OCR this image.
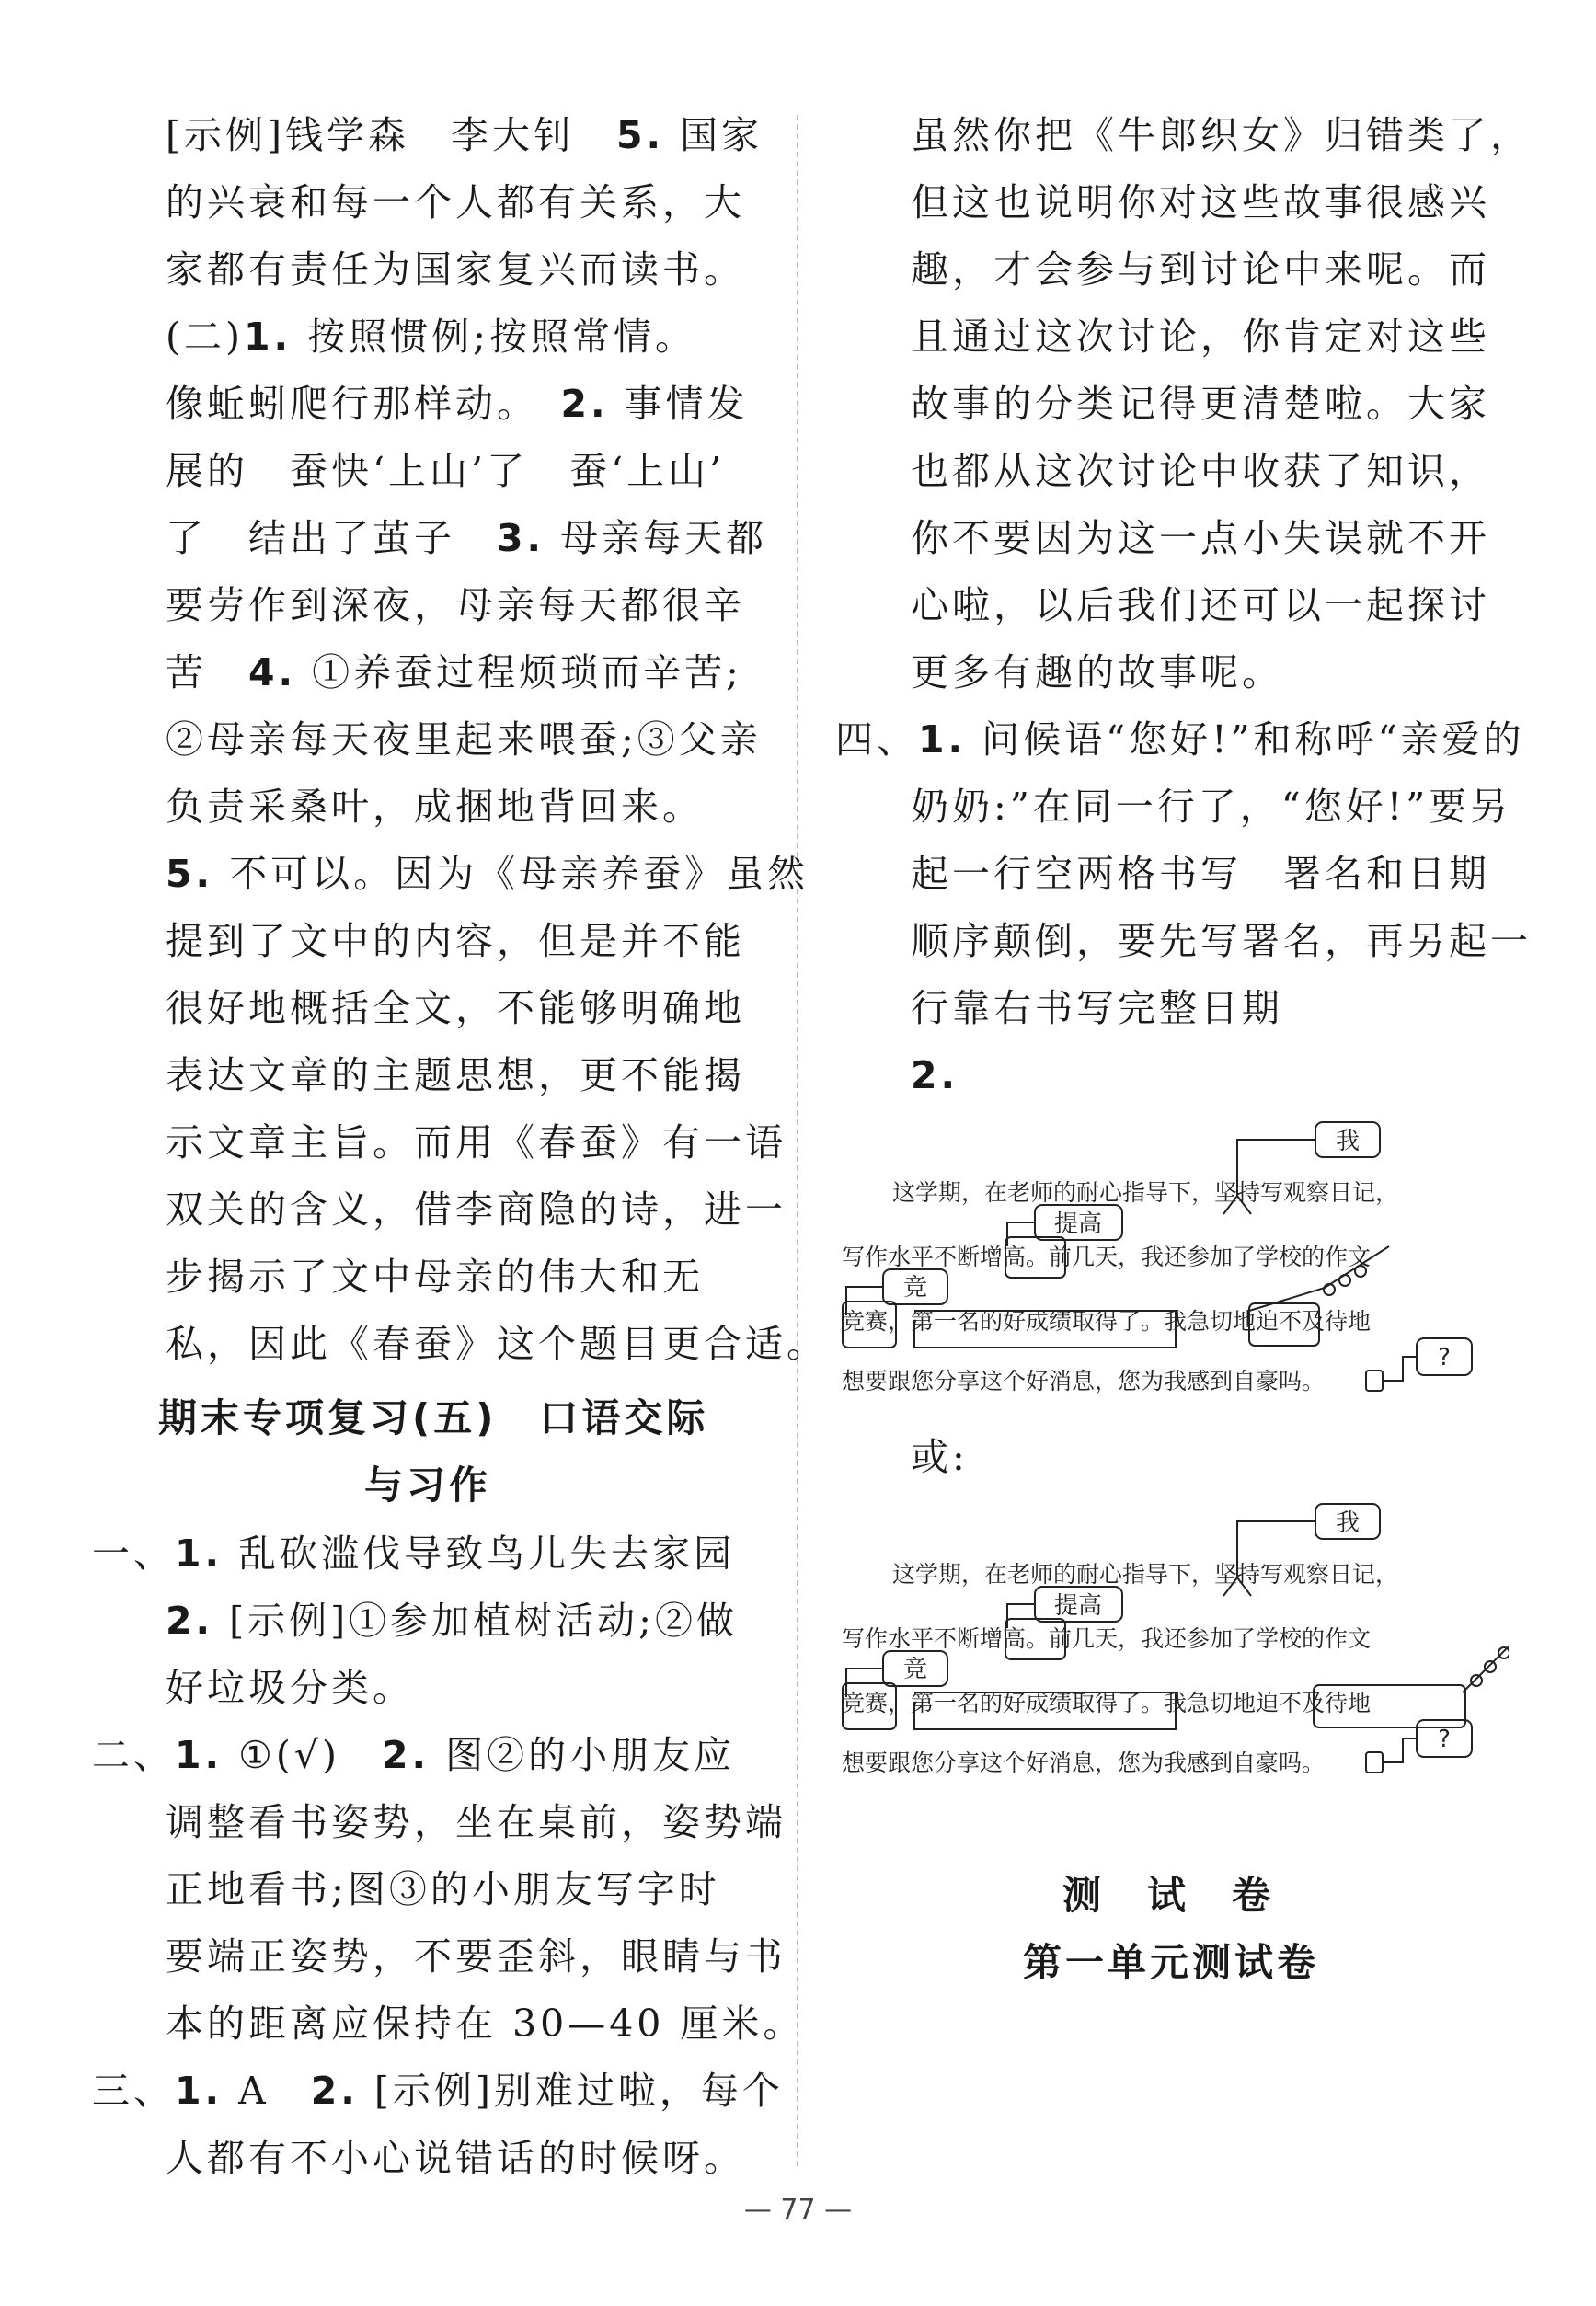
[示例]钱学森　李大钊　5. 国家

的兴衰和每一个人都有关系，大

家都有责任为国家复兴而读书。

(二)1. 按照惯例;按照常情。

像蚯蚓爬行那样动。　2. 事情发

展的　蚕快‘上山’了　蚕‘上山’

了　结出了茧子　3. 母亲每天都

要劳作到深夜，母亲每天都很辛

苦　4. ①养蚕过程烦琐而辛苦;

②母亲每天夜里起来喂蚕;③父亲

负责采桑叶，成捆地背回来。

5. 不可以。因为《母亲养蚕》虽然

提到了文中的内容，但是并不能

很好地概括全文，不能够明确地

表达文章的主题思想，更不能揭

示文章主旨。而用《春蚕》有一语

双关的含义，借李商隐的诗，进一

步揭示了文中母亲的伟大和无

私，因此《春蚕》这个题目更合适。

期末专项复习(五)　口语交际

与习作

一、1. 乱砍滥伐导致鸟儿失去家园

2. [示例]①参加植树活动;②做

好垃圾分类。

二、1. ①(√)　2. 图②的小朋友应

调整看书姿势，坐在桌前，姿势端

正地看书;图③的小朋友写字时

要端正姿势，不要歪斜，眼睛与书

本的距离应保持在 30—40 厘米。

三、1. A　2. [示例]别难过啦，每个

人都有不小心说错话的时候呀。

虽然你把《牛郎织女》归错类了，

但这也说明你对这些故事很感兴

趣，才会参与到讨论中来呢。而

且通过这次讨论，你肯定对这些

故事的分类记得更清楚啦。大家

也都从这次讨论中收获了知识，

你不要因为这一点小失误就不开

心啦，以后我们还可以一起探讨

更多有趣的故事呢。

四、1. 问候语“您好!”和称呼“亲爱的

奶奶:”在同一行了，“您好!”要另

起一行空两格书写　署名和日期

顺序颠倒，要先写署名，再另起一

行靠右书写完整日期

2.

我
提高
竞
?
这学期，在老师的耐心指导下，坚持写观察日记，
写作水平不断增高。前几天，我还参加了学校的作文
竞赛，第一名的好成绩取得了。我急切地迫不及待地
想要跟您分享这个好消息，您为我感到自豪吗。

或:

我
提高
竞
?
这学期，在老师的耐心指导下，坚持写观察日记，
写作水平不断增高。前几天，我还参加了学校的作文
竞赛，第一名的好成绩取得了。我急切地迫不及待地
想要跟您分享这个好消息，您为我感到自豪吗。

测　试　卷

第一单元测试卷

— 77 —
